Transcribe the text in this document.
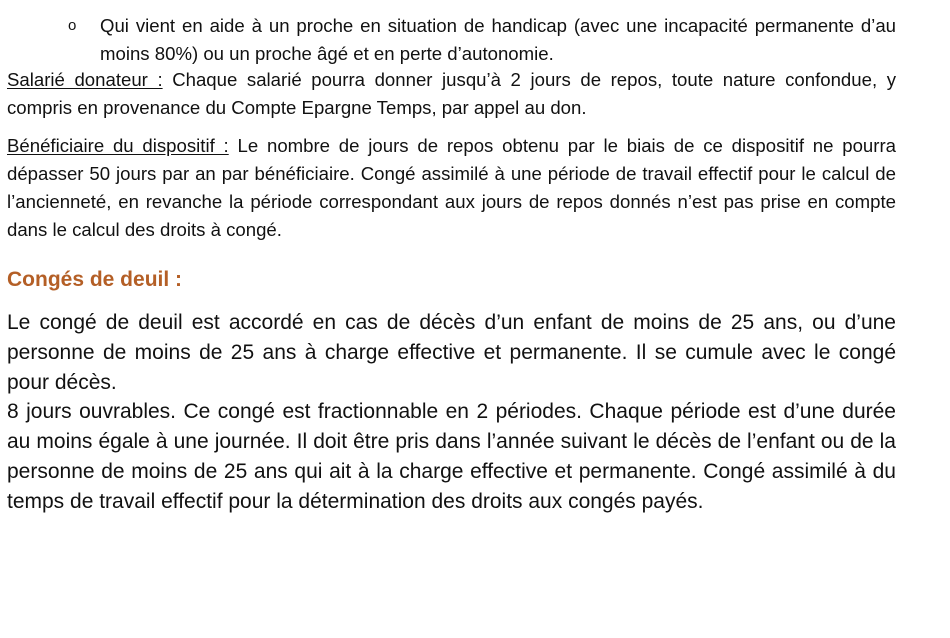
o	Qui vient en aide à un proche en situation de handicap (avec une incapacité permanente d’au moins 80%) ou un proche âgé et en perte d’autonomie.

Salarié donateur : Chaque salarié pourra donner jusqu’à 2 jours de repos, toute nature confondue, y compris en provenance du Compte Epargne Temps, par appel au don.

Bénéficiaire du dispositif : Le nombre de jours de repos obtenu par le biais de ce dispositif ne pourra dépasser 50 jours par an par bénéficiaire. Congé assimilé à une période de travail effectif pour le calcul de l’ancienneté, en revanche la période correspondant aux jours de repos donnés n’est pas prise en compte dans le calcul des droits à congé.

Congés de deuil :

Le congé de deuil est accordé en cas de décès d’un enfant de moins de 25 ans, ou d’une personne de moins de 25 ans à charge effective et permanente. Il se cumule avec le congé pour décès.

8 jours ouvrables. Ce congé est fractionnable en 2 périodes. Chaque période est d’une durée au moins égale à une journée. Il doit être pris dans l’année suivant le décès de l’enfant ou de la personne de moins de 25 ans qui ait à la charge effective et permanente. Congé assimilé à du temps de travail effectif pour la détermination des droits aux congés payés.
